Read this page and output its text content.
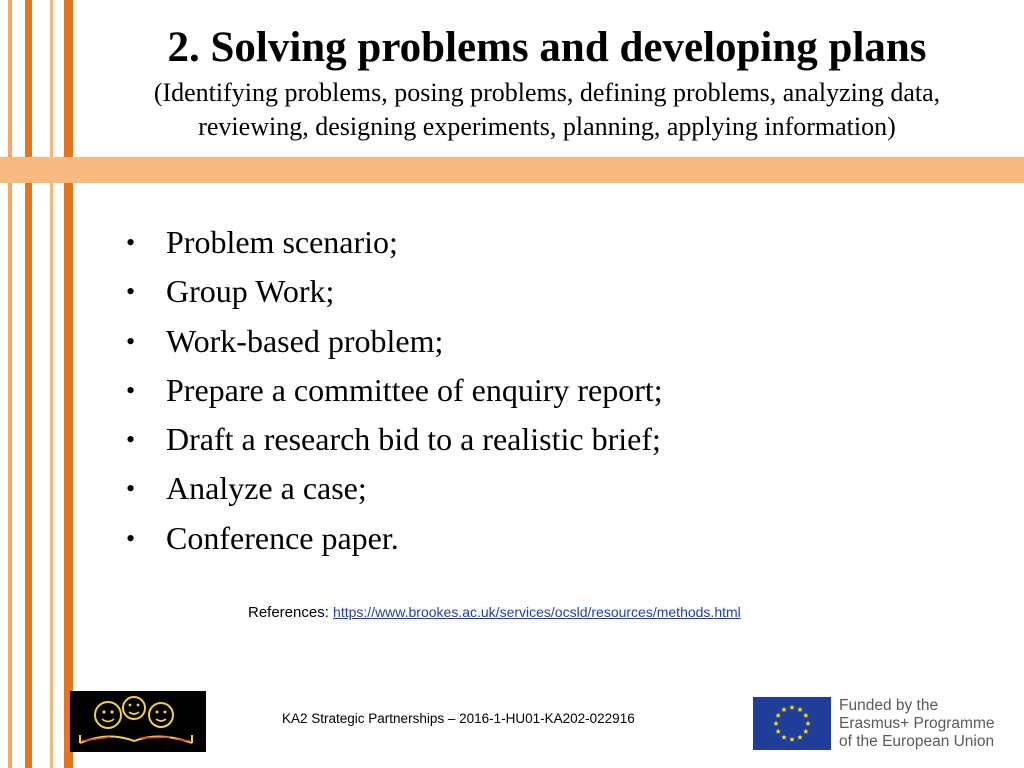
2. Solving problems and developing plans

(Identifying problems, posing problems, defining problems, analyzing data,
reviewing, designing experiments, planning, applying information)

• Problem scenario;
• Group Work;
• Work-based problem;
• Prepare a committee of enquiry report;
• Draft a research bid to a realistic brief;
• Analyze a case;
• Conference paper.
References: https://www.brookes.ac.uk/services/ocsld/resources/methods.html
KA2 Strategic Partnerships – 2016-1-HU01-KA202-022916
Funded by the
Erasmus+ Programme
of the European Union
